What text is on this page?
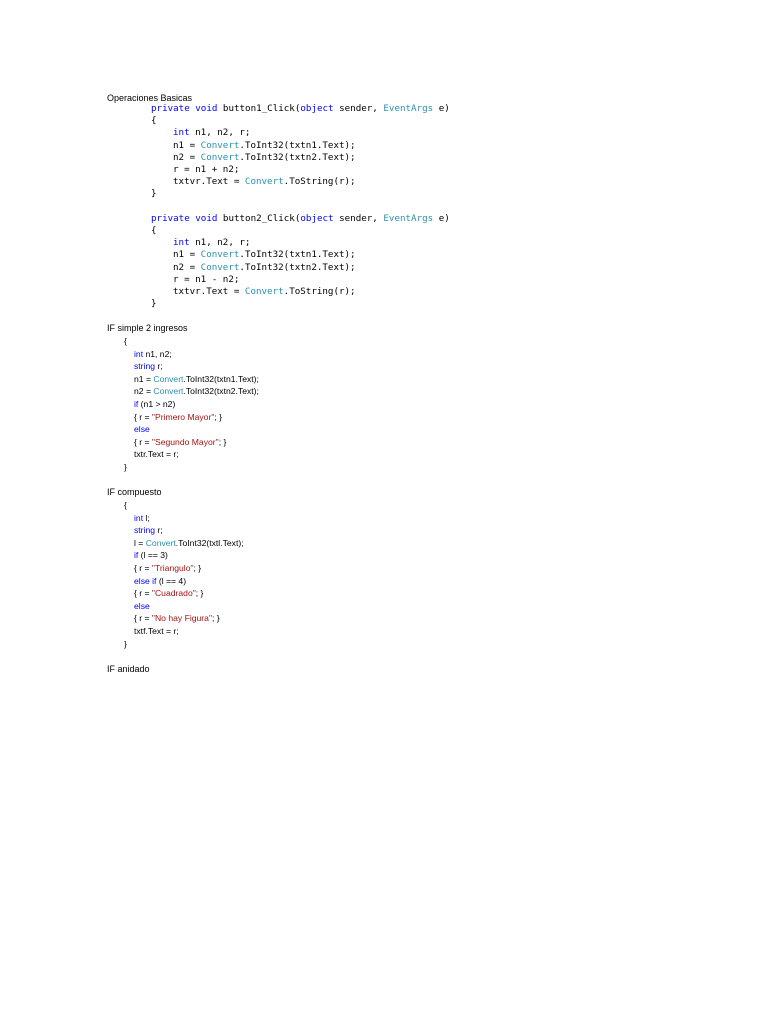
Operaciones Basicas
private void button1_Click(object sender, EventArgs e)
{
int n1, n2, r;
n1 = Convert.ToInt32(txtn1.Text);
n2 = Convert.ToInt32(txtn2.Text);
r = n1 + n2;
txtvr.Text = Convert.ToString(r);
}
private void button2_Click(object sender, EventArgs e)
{
int n1, n2, r;
n1 = Convert.ToInt32(txtn1.Text);
n2 = Convert.ToInt32(txtn2.Text);
r = n1 - n2;
txtvr.Text = Convert.ToString(r);
}
IF simple 2 ingresos
{
int n1, n2;
string r;
n1 = Convert.ToInt32(txtn1.Text);
n2 = Convert.ToInt32(txtn2.Text);
if (n1 > n2)
{ r = "Primero Mayor"; }
else
{ r = "Segundo Mayor"; }
txtr.Text = r;
}
IF compuesto
{
int l;
string r;
l = Convert.ToInt32(txtl.Text);
if (l == 3)
{ r = "Triangulo"; }
else if (l == 4)
{ r = "Cuadrado"; }
else
{ r = "No hay Figura"; }
txtf.Text = r;
}
IF anidado
